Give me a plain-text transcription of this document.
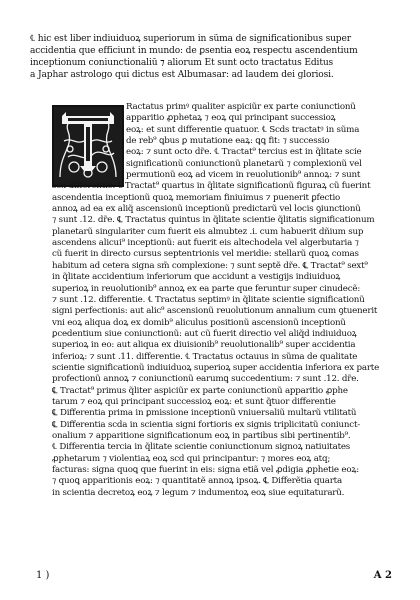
℄ hic est liber indiuiduoꝝ superiorum in sũma de significationibus super
accidentia que efficiunt in mundo: de ꝑsentia eoꝝ respectu ascendentium
inceptionum coniunctionaliũ ⁊ aliorum Et sunt octo tractatus Editus
a Japhar astrologo qui dictus est Albumasar: ad laudem dei gloriosi.
Ractatus primꝰ qualiter aspiciũr ex parte coniunctionũ
apparitio ꝓphetaꝝ ⁊ eoꝝ qui principant̃ successioꝝ
eoꝝ: et sunt differentie quatuor. ℄ Scd̃s tractatꝰ in sũma
de reb⁹ ꝗbus ꝑ mutatione eaꝝ: ꝗꝗ fit: ⁊ successio
eoꝝ: ⁊ sunt octo dr̃e. ℄ Tractat⁹ tercius est in q̃litate scie
significationũ coniunctionũ planetarũ ⁊ complexionũ vel
permutionũ eoꝝ ad vicem in reuolutionib⁹ annoꝝ: ⁊ sunt
sex differentie. ℄ Tractat⁹ quartus in q̃litate significationũ figuraꝝ cũ fuerint
ascendentia inceptionũ quoꝝ memoriam finiuimus ⁊ puenerit ꝑfectio
annoꝝ ad ea ex aliq̃ ascensionũ inceptionũ predictarũ vel locis ꝯiunctionũ
⁊ sunt .12. dr̃e. ℄ Tractatus quintus in q̃litate scientie q̃litatis significationum
planetarũ singulariter cum fuerit eis almubtez .i. cum habuerit dñium sup
ascendens alicui⁹ inceptionũ: aut fuerit eis altechodela vel algerbutaria ⁊
cũ fuerit in directo cursus septentrionis vel meridie: stellarũ quoꝝ comas
habitum ad cetera signa sm̃ complexione: ⁊ sunt septẽ dr̃e. ℄ Tractat⁹ sext⁹
in q̃litate accidentium inferiorum que accidunt a vestigijs indiuiduoꝝ
superioꝝ in reuolutionib⁹ annoꝝ ex ea parte que feruntur super cinudecẽ:
⁊ sunt .12. differentie. ℄ Tractatus septimꝰ in q̃litate scientie significationũ
signi perfectionis: aut alic⁹ ascensionũ reuolutionum annalium cum ꝯtuenerit
vni eoꝝ aliqua doꝝ ex domib⁹ aliculus positionũ ascensionũ inceptionũ
ꝑcedentium siue coniunctionũ: aut cũ fuerit directio vel aliq̃d indiuiduoꝝ
superioꝝ in eo: aut aliqua ex diuisionib⁹ reuolutionalib⁹ super accidentia
inferioꝝ: ⁊ sunt .11. differentie. ℄ Tractatus octauus in sũma de qualitate
scientie significationũ indiuiduoꝝ superioꝝ super accidentia inferiora ex parte
profectionũ annoꝝ ⁊ coniunctionũ earumꝗ succedentium: ⁊ sunt .12. dr̃e.
℄ Tractat⁹ primus q̃liter aspiciũr ex parte coniunctionũ apparitio ꝓphe
tarum ⁊ eoꝝ qui principant̃ successioꝝ eoꝝ: et sunt q̃tuor differentie
℄ Differentia prima in ꝑmissione inceptionũ vniuersaliũ multarũ vtilitatũ
℄ Differentia scd̃a in scientia signi fortioris ex signis triplicitatũ coniunct-
onalium ⁊ apparitione significationum eoꝝ in partibus sibi pertinentib⁹.
℄ Differentia tercia in q̃litate scientie coniunctionum signoꝝ natiuitates
ꝓphetarum ⁊ violentiaꝝ eoꝝ scd̃ qui principantur: ⁊ mores eoꝝ atq;
facturas: signa quoꝗ que fuerint in eis: signa etiã vel ꝓdigia ꝓphetie eoꝝ:
⁊ quoꝗ apparitionis eoꝝ: ⁊ quantitatẽ annoꝝ ipsoꝝ. ℄ Differẽtia quarta
in scientia decretoꝝ eoꝝ ⁊ legum ⁊ indumentoꝝ eoꝝ siue equitaturarũ.
1 )	A 2
